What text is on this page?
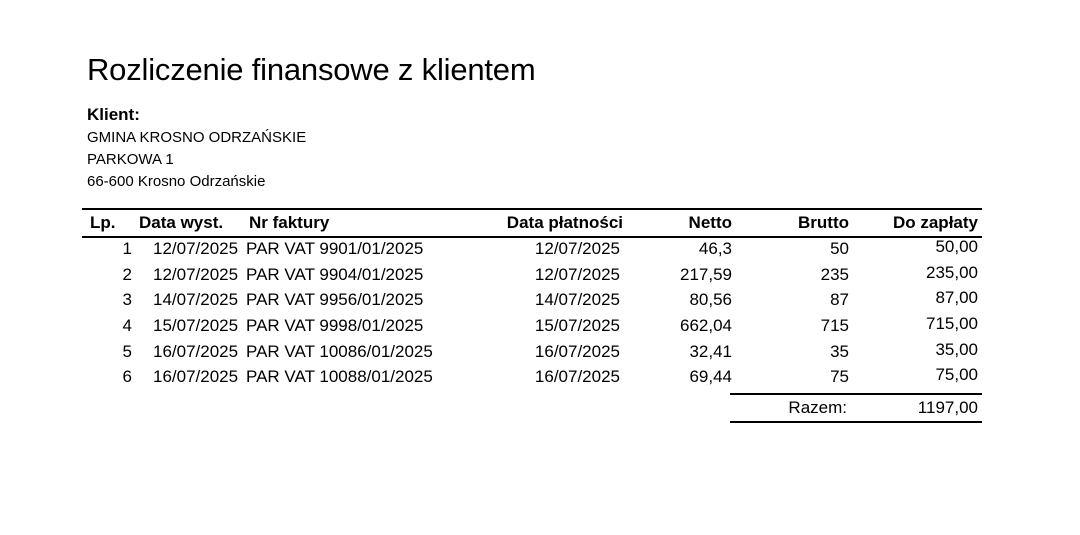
Rozliczenie finansowe z klientem
Klient:
GMINA KROSNO ODRZAŃSKIE
PARKOWA 1
66-600 Krosno Odrzańskie
Lp. Data wyst. Nr faktury	Data płatności	Netto	Brutto	Do zapłaty
1 12/07/2025 PAR VAT 9901/01/2025	12/07/2025	46,3	50	50,00
2 12/07/2025 PAR VAT 9904/01/2025	12/07/2025	217,59	235	235,00
3 14/07/2025 PAR VAT 9956/01/2025	14/07/2025	80,56	87	87,00
4 15/07/2025 PAR VAT 9998/01/2025	15/07/2025	662,04	715	715,00
5 16/07/2025 PAR VAT 10086/01/2025	16/07/2025	32,41	35	35,00
6 16/07/2025 PAR VAT 10088/01/2025	16/07/2025	69,44	75	75,00
Razem:	1197,00
